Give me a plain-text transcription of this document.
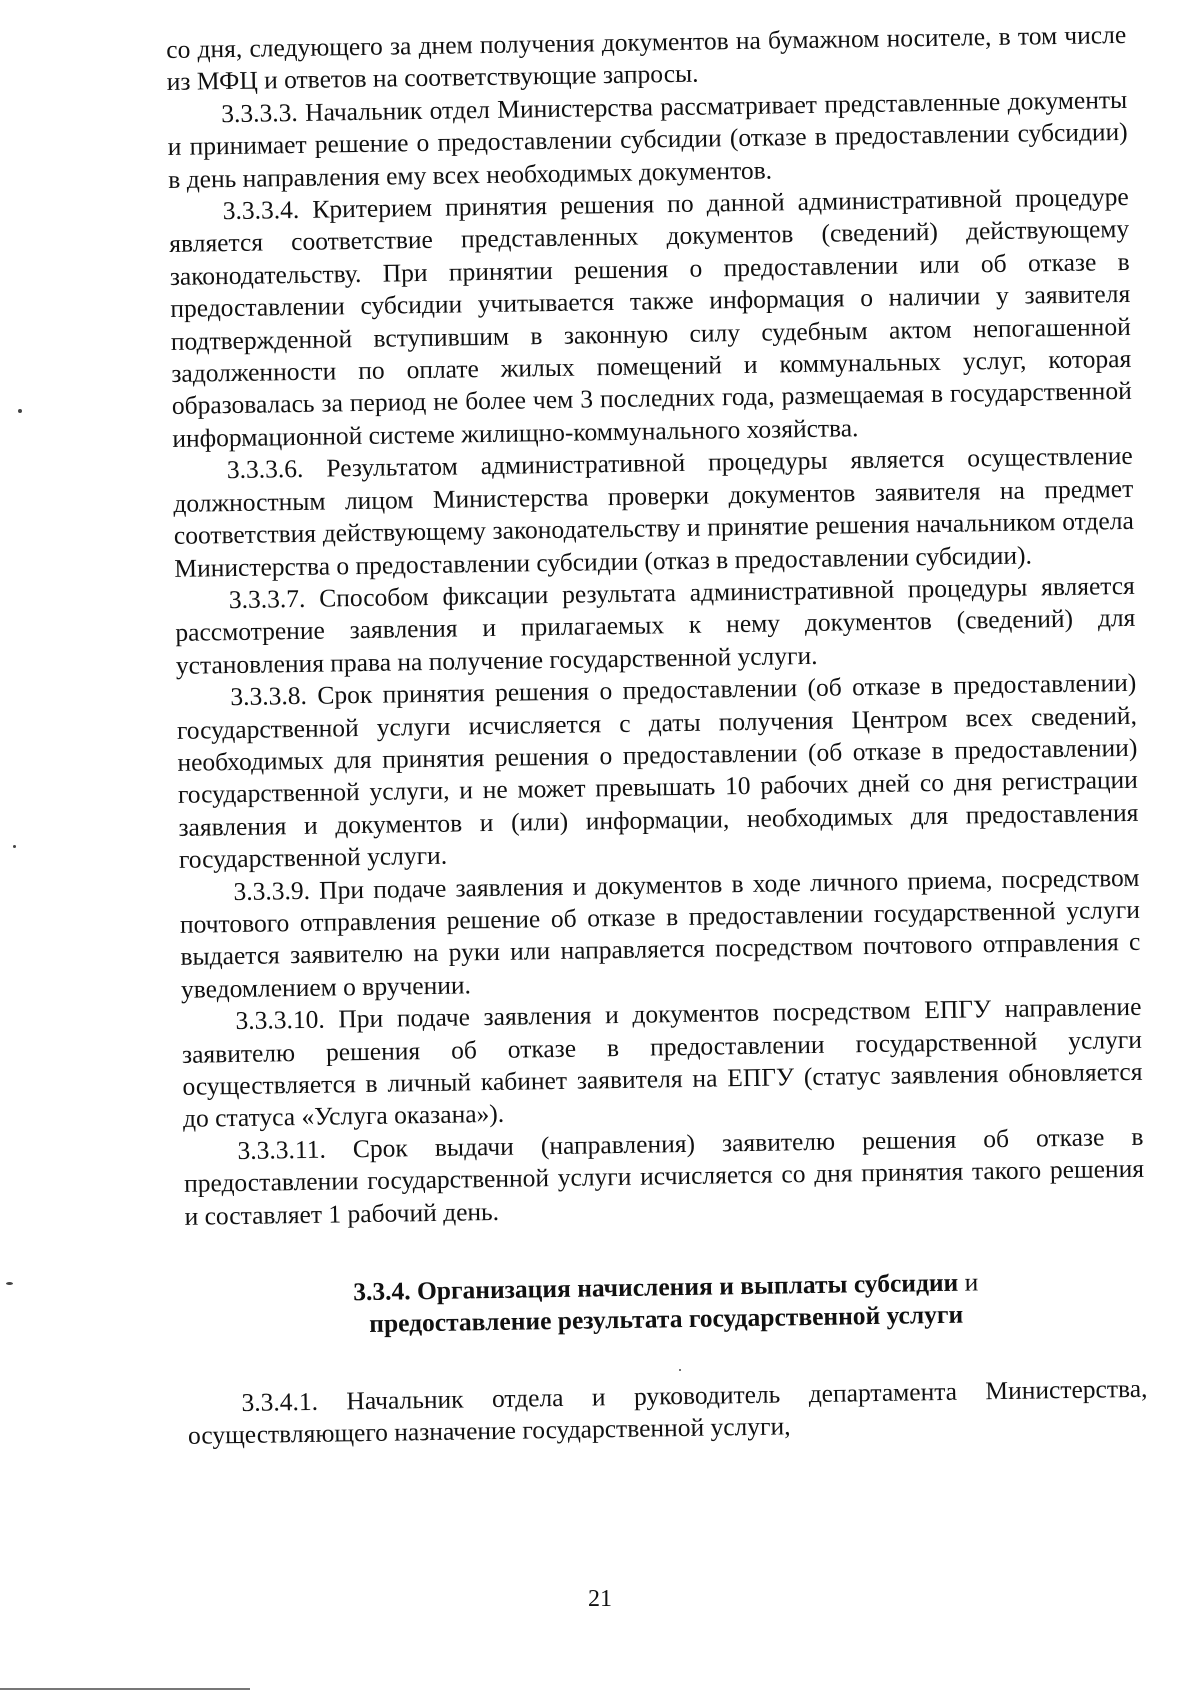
со дня, следующего за днем получения документов на бумажном носителе, в том числе из МФЦ и ответов на соответствующие запросы.

3.3.3.3. Начальник отдел Министерства рассматривает представленные документы и принимает решение о предоставлении субсидии (отказе в предоставлении субсидии) в день направления ему всех необходимых документов.

3.3.3.4. Критерием принятия решения по данной административной процедуре является соответствие представленных документов (сведений) действующему законодательству. При принятии решения о предоставлении или об отказе в предоставлении субсидии учитывается также информация о наличии у заявителя подтвержденной вступившим в законную силу судебным актом непогашенной задолженности по оплате жилых помещений и коммунальных услуг, которая образовалась за период не более чем 3 последних года, размещаемая в государственной информационной системе жилищно-коммунального хозяйства.

3.3.3.6. Результатом административной процедуры является осуществление должностным лицом Министерства проверки документов заявителя на предмет соответствия действующему законодательству и принятие решения начальником отдела Министерства о предоставлении субсидии (отказ в предоставлении субсидии).

3.3.3.7. Способом фиксации результата административной процедуры является рассмотрение заявления и прилагаемых к нему документов (сведений) для установления права на получение государственной услуги.

3.3.3.8. Срок принятия решения о предоставлении (об отказе в предоставлении) государственной услуги исчисляется с даты получения Центром всех сведений, необходимых для принятия решения о предоставлении (об отказе в предоставлении) государственной услуги, и не может превышать 10 рабочих дней со дня регистрации заявления и документов и (или) информации, необходимых для предоставления государственной услуги.

3.3.3.9. При подаче заявления и документов в ходе личного приема, посредством почтового отправления решение об отказе в предоставлении государственной услуги выдается заявителю на руки или направляется посредством почтового отправления с уведомлением о вручении.

3.3.3.10. При подаче заявления и документов посредством ЕПГУ направление заявителю решения об отказе в предоставлении государственной услуги осуществляется в личный кабинет заявителя на ЕПГУ (статус заявления обновляется до статуса «Услуга оказана»).

3.3.3.11. Срок выдачи (направления) заявителю решения об отказе в предоставлении государственной услуги исчисляется со дня принятия такого решения и составляет 1 рабочий день.

3.3.4. Организация начисления и выплаты субсидии и
предоставление результата государственной услуги

3.3.4.1. Начальник отдела и руководитель департамента Министерства, осуществляющего назначение государственной услуги,

21
